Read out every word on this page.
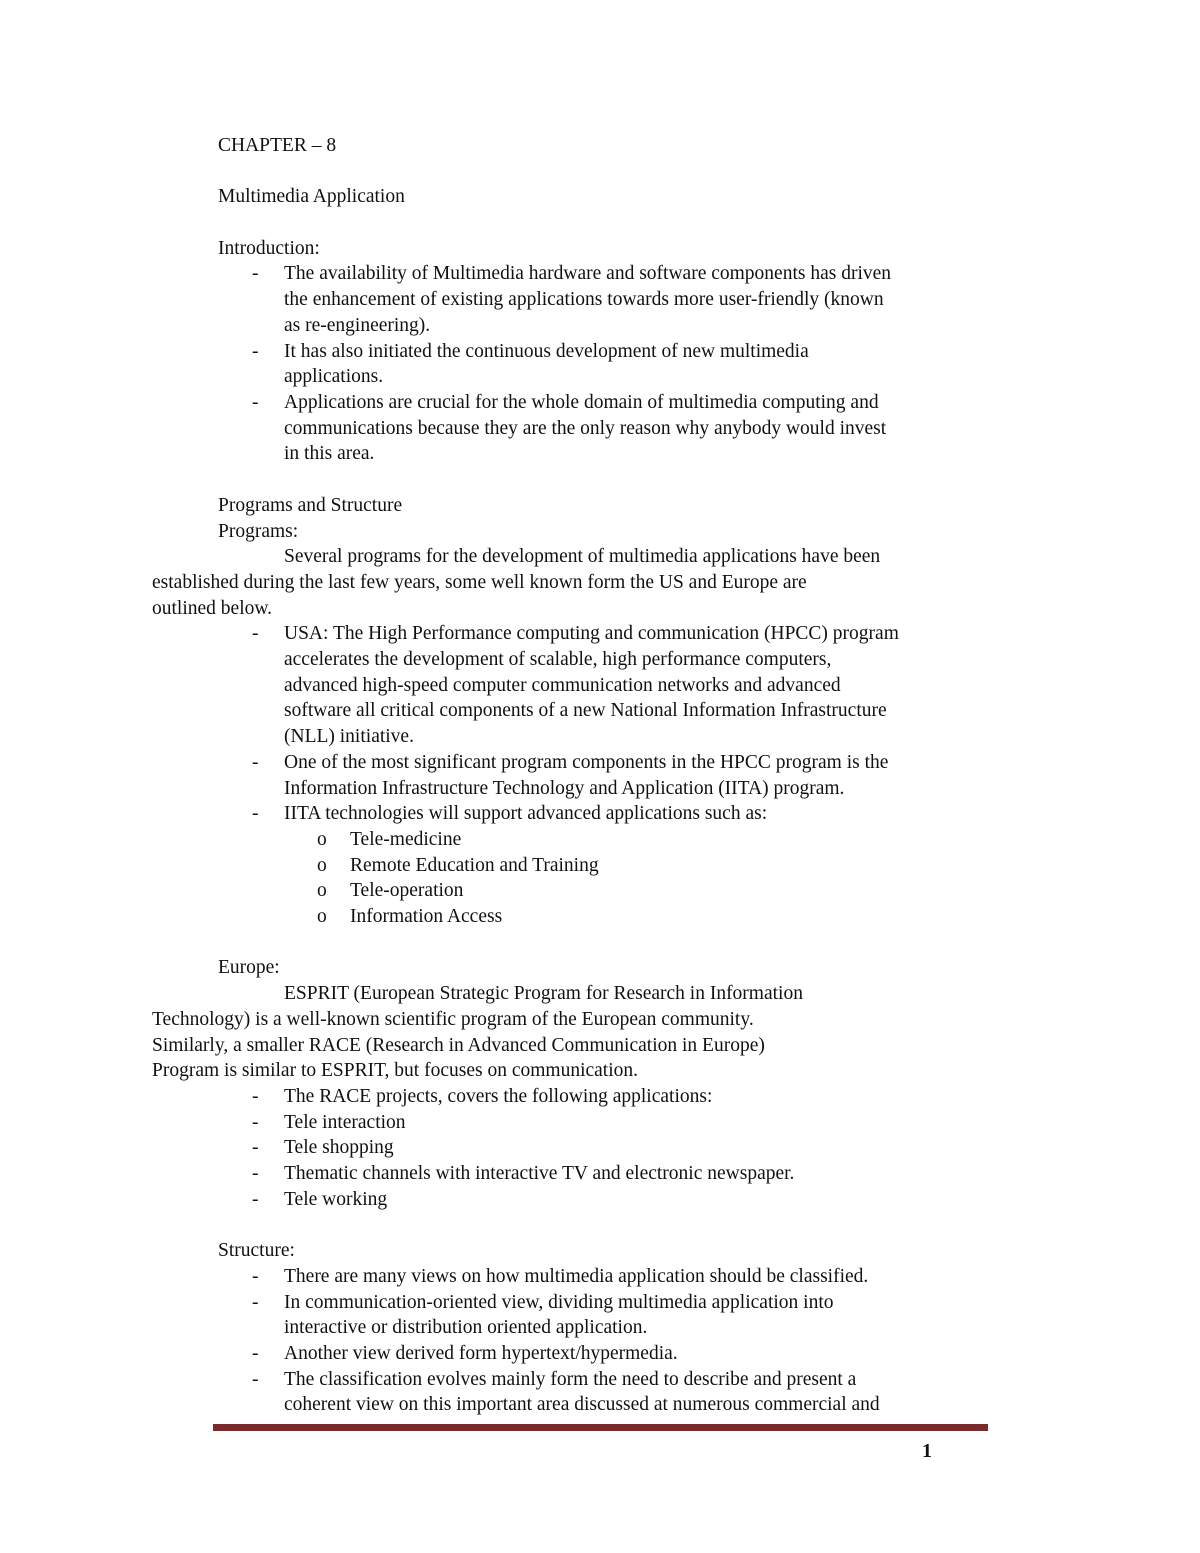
CHAPTER – 8

Multimedia Application

Introduction:

- The availability of Multimedia hardware and software components has driven
the enhancement of existing applications towards more user-friendly (known
as re-engineering).
- It has also initiated the continuous development of new multimedia
applications.
- Applications are crucial for the whole domain of multimedia computing and
communications because they are the only reason why anybody would invest
in this area.

Programs and Structure

Programs:

Several programs for the development of multimedia applications have been
established during the last few years, some well known form the US and Europe are
outlined below.

- USA: The High Performance computing and communication (HPCC) program
accelerates the development of scalable, high performance computers,
advanced high-speed computer communication networks and advanced
software all critical components of a new National Information Infrastructure
(NLL) initiative.
- One of the most significant program components in the HPCC program is the
Information Infrastructure Technology and Application (IITA) program.
- IITA technologies will support advanced applications such as:
o Tele-medicine
o Remote Education and Training
o Tele-operation
o Information Access

Europe:

ESPRIT (European Strategic Program for Research in Information
Technology) is a well-known scientific program of the European community.
Similarly, a smaller RACE (Research in Advanced Communication in Europe)
Program is similar to ESPRIT, but focuses on communication.

- The RACE projects, covers the following applications:
- Tele interaction
- Tele shopping
- Thematic channels with interactive TV and electronic newspaper.
- Tele working

Structure:

- There are many views on how multimedia application should be classified.
- In communication-oriented view, dividing multimedia application into
interactive or distribution oriented application.
- Another view derived form hypertext/hypermedia.
- The classification evolves mainly form the need to describe and present a
coherent view on this important area discussed at numerous commercial and
1
